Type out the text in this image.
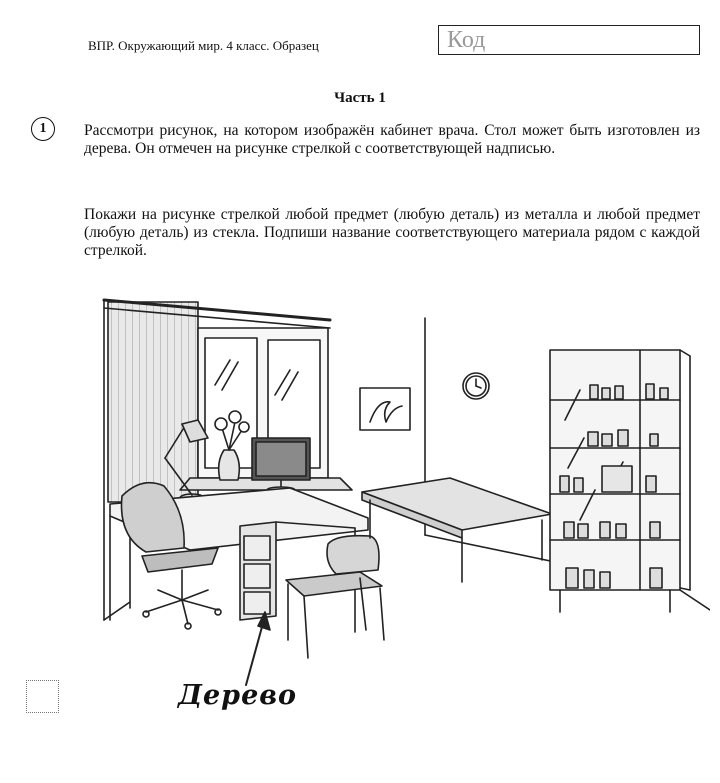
ВПР. Окружающий мир. 4 класс. Образец	Код
Часть 1
1	Рассмотри рисунок, на котором изображён кабинет врача. Стол может быть изготовлен из дерева. Он отмечен на рисунке стрелкой с соответствующей надписью.

Покажи на рисунке стрелкой любой предмет (любую деталь) из металла и любой предмет (любую деталь) из стекла. Подпиши название соответствующего материала рядом с каждой стрелкой.

Дерево
